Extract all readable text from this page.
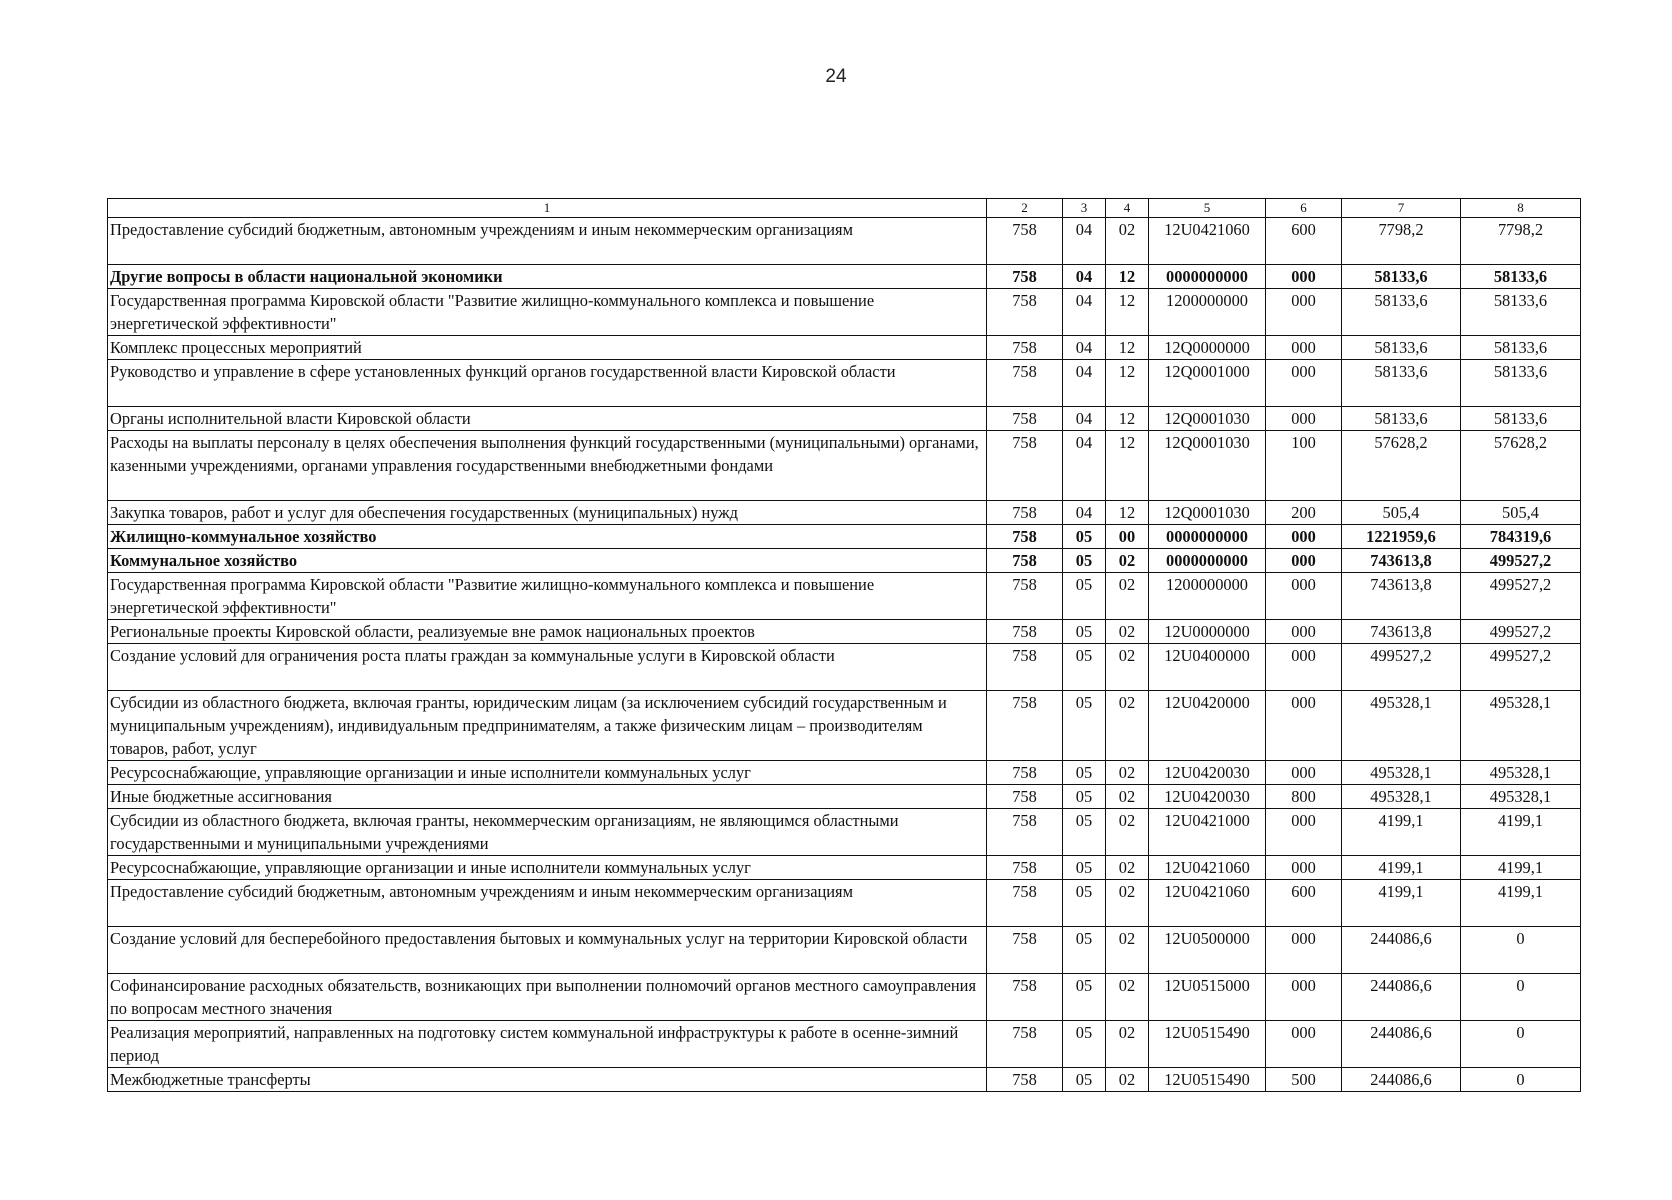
24
1	2	3	4	5	6	7	8
Предоставление субсидий бюджетным, автономным учреждениям и иным некоммерческим организациям	758	04	02	12U0421060	600	7798,2	7798,2
Другие вопросы в области национальной экономики	758	04	12	0000000000	000	58133,6	58133,6
Государственная программа Кировской области "Развитие жилищно-коммунального комплекса и повышение энергетической эффективности"	758	04	12	1200000000	000	58133,6	58133,6
Комплекс процессных мероприятий	758	04	12	12Q0000000	000	58133,6	58133,6
Руководство и управление в сфере установленных функций органов государственной власти Кировской области	758	04	12	12Q0001000	000	58133,6	58133,6
Органы исполнительной власти Кировской области	758	04	12	12Q0001030	000	58133,6	58133,6
Расходы на выплаты персоналу в целях обеспечения выполнения функций государственными (муниципальными) органами, казенными учреждениями, органами управления государственными внебюджетными фондами	758	04	12	12Q0001030	100	57628,2	57628,2
Закупка товаров, работ и услуг для обеспечения государственных (муниципальных) нужд	758	04	12	12Q0001030	200	505,4	505,4
Жилищно-коммунальное хозяйство	758	05	00	0000000000	000	1221959,6	784319,6
Коммунальное хозяйство	758	05	02	0000000000	000	743613,8	499527,2
Государственная программа Кировской области "Развитие жилищно-коммунального комплекса и повышение энергетической эффективности"	758	05	02	1200000000	000	743613,8	499527,2
Региональные проекты Кировской области, реализуемые вне рамок национальных проектов	758	05	02	12U0000000	000	743613,8	499527,2
Создание условий для ограничения роста платы граждан за коммунальные услуги в Кировской области	758	05	02	12U0400000	000	499527,2	499527,2
Субсидии из областного бюджета, включая гранты, юридическим лицам (за исключением субсидий государственным и муниципальным учреждениям), индивидуальным предпринимателям, а также физическим лицам – производителям товаров, работ, услуг	758	05	02	12U0420000	000	495328,1	495328,1
Ресурсоснабжающие, управляющие организации и иные исполнители коммунальных услуг	758	05	02	12U0420030	000	495328,1	495328,1
Иные бюджетные ассигнования	758	05	02	12U0420030	800	495328,1	495328,1
Субсидии из областного бюджета, включая гранты, некоммерческим организациям, не являющимся областными государственными и муниципальными учреждениями	758	05	02	12U0421000	000	4199,1	4199,1
Ресурсоснабжающие, управляющие организации и иные исполнители коммунальных услуг	758	05	02	12U0421060	000	4199,1	4199,1
Предоставление субсидий бюджетным, автономным учреждениям и иным некоммерческим организациям	758	05	02	12U0421060	600	4199,1	4199,1
Создание условий для бесперебойного предоставления бытовых и коммунальных услуг на территории Кировской области	758	05	02	12U0500000	000	244086,6	0
Софинансирование расходных обязательств, возникающих при выполнении полномочий органов местного самоуправления по вопросам местного значения	758	05	02	12U0515000	000	244086,6	0
Реализация мероприятий, направленных на подготовку систем коммунальной инфраструктуры к работе в осенне-зимний период	758	05	02	12U0515490	000	244086,6	0
Межбюджетные трансферты	758	05	02	12U0515490	500	244086,6	0
